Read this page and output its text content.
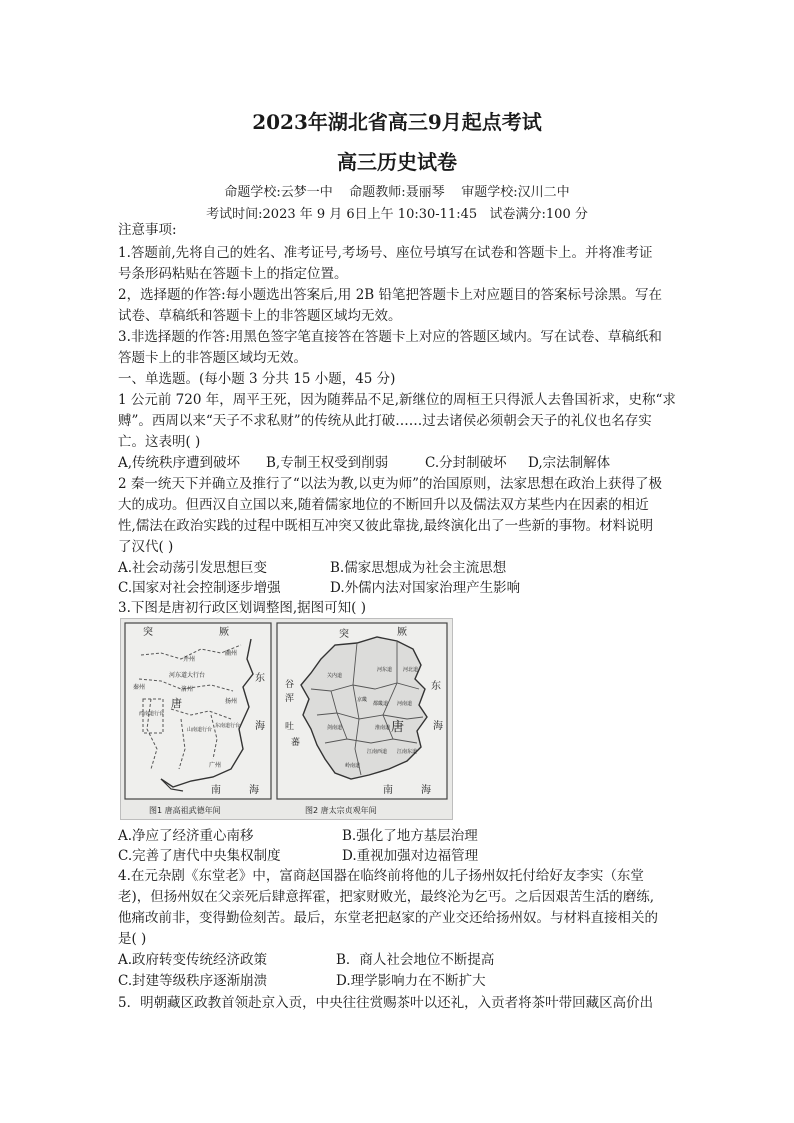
2023年湖北省高三9月起点考试
高三历史试卷
命题学校:云梦一中    命题教师:聂丽琴    审题学校:汉川二中
考试时间:2023 年 9 月 6日上午 10:30-11:45   试卷满分:100 分
注意事项:
1.答题前,先将自己的姓名、准考证号,考场号、座位号填写在试卷和答题卡上。并将准考证
号条形码粘贴在答题卡上的指定位置。
2，选择题的作答:每小题选出答案后,用 2B 铅笔把答题卡上对应题目的答案标号涂黑。写在
试卷、草稿纸和答题卡上的非答题区域均无效。
3.非选择题的作答:用黑色签字笔直接答在答题卡上对应的答题区域内。写在试卷、草稿纸和
答题卡上的非答题区域均无效。
一、单选题。(每小题 3 分共 15 小题，45 分)
1 公元前 720 年，周平王死，因为随葬品不足,新继位的周桓王只得派人去鲁国祈求，史称“求
赙”。西周以来“天子不求私财”的传统从此打破……过去诸侯必须朝会天子的礼仪也名存实
亡。这表明( )
A,传统秩序遭到破坏 B,专制王权受到削弱	C.分封制破坏 D,宗法制解体
2 秦一统天下并确立及推行了“以法为教,以吏为师”的治国原则，法家思想在政治上获得了极
大的成功。但西汉自立国以来,随着儒家地位的不断回升以及儒法双方某些内在因素的相近
性,儒法在政治实践的过程中既相互冲突又彼此靠拢,最终演化出了一些新的事物。材料说明
了汉代( )
A.社会动荡引发思想巨变	B.儒家思想成为社会主流思想
C.国家对社会控制逐步增强	D.外儒内法对国家治理产生影响
3.下图是唐初行政区划调整图,据图可知( )
突	厥
幽州
并州
河东道大行台
秦州	洛州
唐
西南道行台
扬州
山南道行台
东南道行台
广州
东
海
南	海
突	厥
谷
浑
吐
蕃
唐
河北道
河东道
京畿
关内道
都畿道 河南道
淮南道
江南东道
江南西道
剑南道
岭南道
东
海
南	海
图1 唐高祖武德年间	图2 唐太宗贞观年间
A.净应了经济重心南移	B.强化了地方基层治理
C.完善了唐代中央集权制度	D.重视加强对边福管理
4.在元杂剧《东堂老》中，富商赵国器在临终前将他的儿子扬州奴托付给好友李实（东堂
老)，但扬州奴在父亲死后肆意挥霍，把家财败光，最终沦为乞丐。之后因艰苦生活的磨练,
他痛改前非，变得勤俭刻苦。最后，东堂老把赵家的产业交还给扬州奴。与材料直接相关的
是( )
A.政府转变传统经济政策	B．商人社会地位不断提高
C.封建等级秩序逐渐崩溃	D.理学影响力在不断扩大
5．明朝藏区政教首领赴京入贡，中央往往赏赐茶叶以还礼，入贡者将茶叶带回藏区高价出
